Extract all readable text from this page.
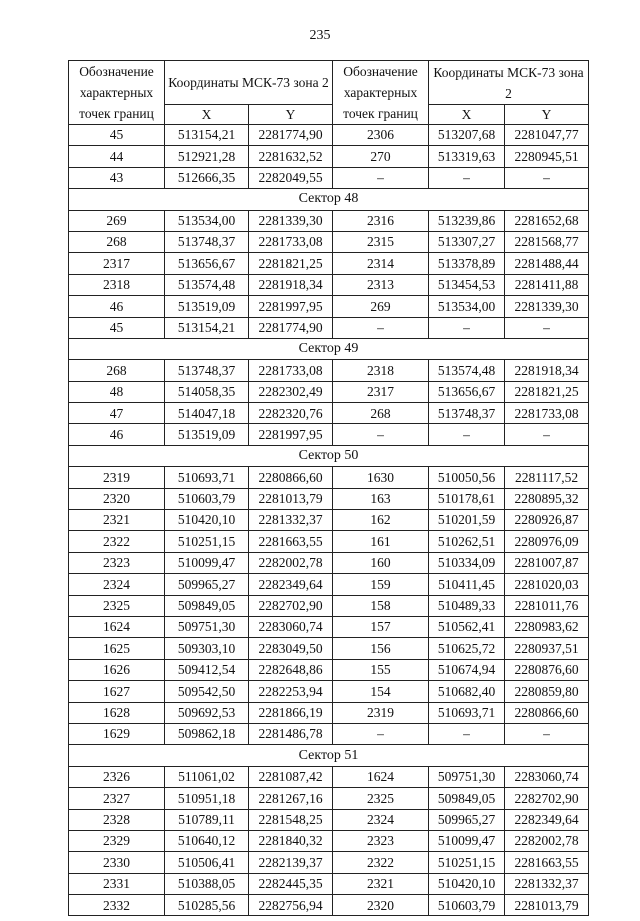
235
Обозначение характерных точек границ	Координаты МСК-73 зона 2		Обозначение характерных точек границ	Координаты МСК-73 зона 2	
	X	Y		X	Y
45	513154,21	2281774,90	2306	513207,68	2281047,77
44	512921,28	2281632,52	270	513319,63	2280945,51
43	512666,35	2282049,55	–	–	–
Сектор 48					
269	513534,00	2281339,30	2316	513239,86	2281652,68
268	513748,37	2281733,08	2315	513307,27	2281568,77
2317	513656,67	2281821,25	2314	513378,89	2281488,44
2318	513574,48	2281918,34	2313	513454,53	2281411,88
46	513519,09	2281997,95	269	513534,00	2281339,30
45	513154,21	2281774,90	–	–	–
Сектор 49					
268	513748,37	2281733,08	2318	513574,48	2281918,34
48	514058,35	2282302,49	2317	513656,67	2281821,25
47	514047,18	2282320,76	268	513748,37	2281733,08
46	513519,09	2281997,95	–	–	–
Сектор 50					
2319	510693,71	2280866,60	1630	510050,56	2281117,52
2320	510603,79	2281013,79	163	510178,61	2280895,32
2321	510420,10	2281332,37	162	510201,59	2280926,87
2322	510251,15	2281663,55	161	510262,51	2280976,09
2323	510099,47	2282002,78	160	510334,09	2281007,87
2324	509965,27	2282349,64	159	510411,45	2281020,03
2325	509849,05	2282702,90	158	510489,33	2281011,76
1624	509751,30	2283060,74	157	510562,41	2280983,62
1625	509303,10	2283049,50	156	510625,72	2280937,51
1626	509412,54	2282648,86	155	510674,94	2280876,60
1627	509542,50	2282253,94	154	510682,40	2280859,80
1628	509692,53	2281866,19	2319	510693,71	2280866,60
1629	509862,18	2281486,78	–	–	–
Сектор 51					
2326	511061,02	2281087,42	1624	509751,30	2283060,74
2327	510951,18	2281267,16	2325	509849,05	2282702,90
2328	510789,11	2281548,25	2324	509965,27	2282349,64
2329	510640,12	2281840,32	2323	510099,47	2282002,78
2330	510506,41	2282139,37	2322	510251,15	2281663,55
2331	510388,05	2282445,35	2321	510420,10	2281332,37
2332	510285,56	2282756,94	2320	510603,79	2281013,79
